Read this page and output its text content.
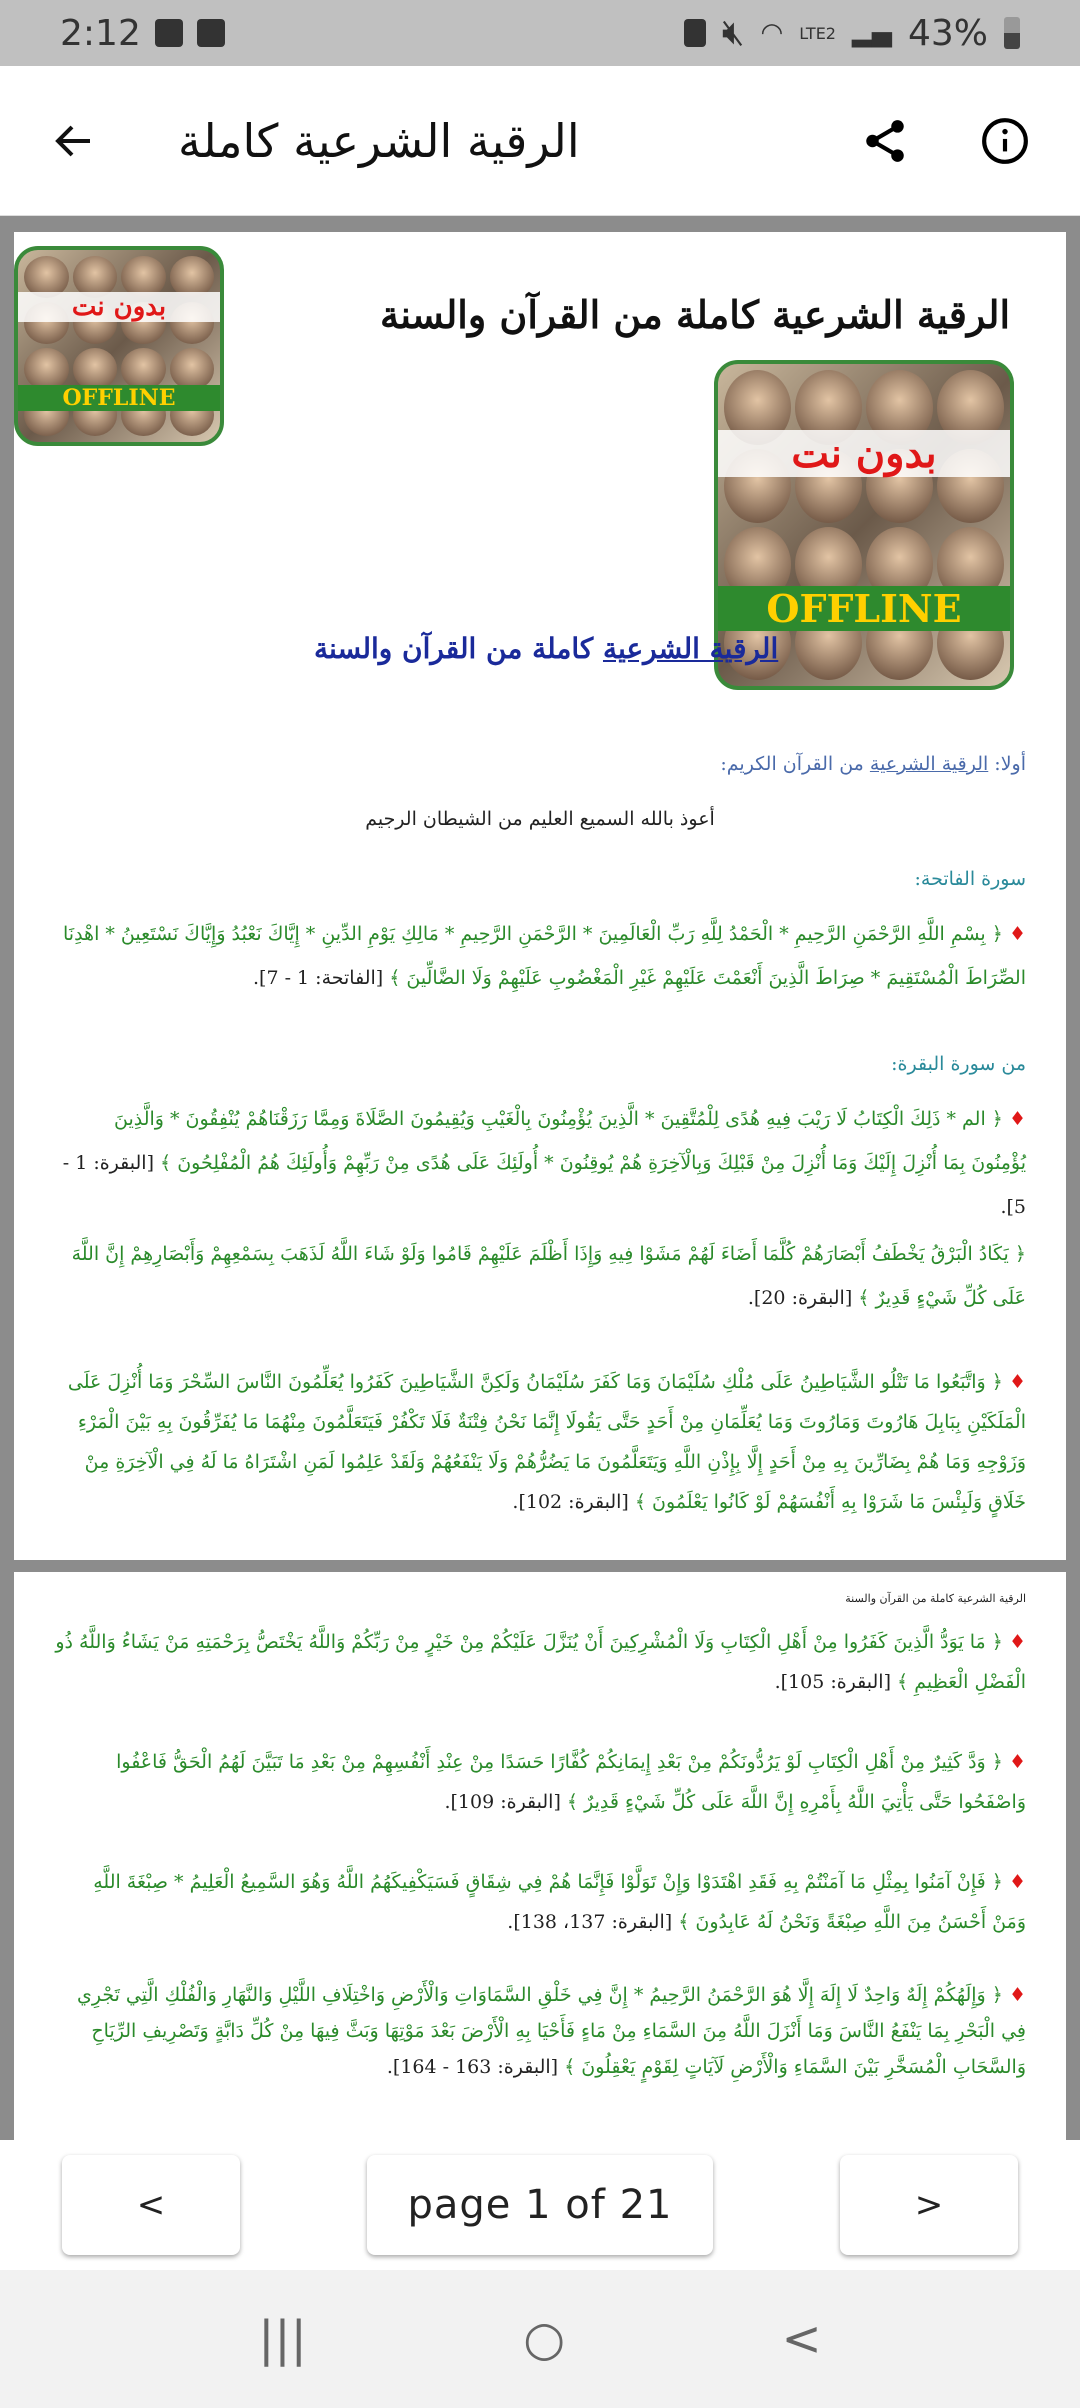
2:12	🔇︎ ◠ LTE2 ▂▄ 43%
الرقية الشرعية كاملة
بدون نت
OFFLINE
الرقية الشرعية كاملة من القرآن والسنة
بدون نت
OFFLINE
الرقية الشرعية كاملة من القرآن والسنة
أولا: الرقية الشرعية من القرآن الكريم:
أعوذ بالله السميع العليم من الشيطان الرجيم
سورة الفاتحة:
♦ ﴿ بِسْمِ اللَّهِ الرَّحْمَنِ الرَّحِيمِ * الْحَمْدُ لِلَّهِ رَبِّ الْعَالَمِينَ * الرَّحْمَنِ الرَّحِيمِ * مَالِكِ يَوْمِ الدِّينِ * إِيَّاكَ نَعْبُدُ وَإِيَّاكَ نَسْتَعِينُ * اهْدِنَا الصِّرَاطَ الْمُسْتَقِيمَ * صِرَاطَ الَّذِينَ أَنْعَمْتَ عَلَيْهِمْ غَيْرِ الْمَغْضُوبِ عَلَيْهِمْ وَلَا الضَّالِّينَ ﴾ [الفاتحة: 1 - 7].
من سورة البقرة:
♦ ﴿ الم * ذَلِكَ الْكِتَابُ لَا رَيْبَ فِيهِ هُدًى لِلْمُتَّقِينَ * الَّذِينَ يُؤْمِنُونَ بِالْغَيْبِ وَيُقِيمُونَ الصَّلَاةَ وَمِمَّا رَزَقْنَاهُمْ يُنْفِقُونَ * وَالَّذِينَ يُؤْمِنُونَ بِمَا أُنْزِلَ إِلَيْكَ وَمَا أُنْزِلَ مِنْ قَبْلِكَ وَبِالْآخِرَةِ هُمْ يُوقِنُونَ * أُولَئِكَ عَلَى هُدًى مِنْ رَبِّهِمْ وَأُولَئِكَ هُمُ الْمُفْلِحُونَ ﴾ [البقرة: 1 - 5].
﴿ يَكَادُ الْبَرْقُ يَخْطَفُ أَبْصَارَهُمْ كُلَّمَا أَضَاءَ لَهُمْ مَشَوْا فِيهِ وَإِذَا أَظْلَمَ عَلَيْهِمْ قَامُوا وَلَوْ شَاءَ اللَّهُ لَذَهَبَ بِسَمْعِهِمْ وَأَبْصَارِهِمْ إِنَّ اللَّهَ عَلَى كُلِّ شَيْءٍ قَدِيرٌ ﴾ [البقرة: 20].
♦ ﴿ وَاتَّبَعُوا مَا تَتْلُو الشَّيَاطِينُ عَلَى مُلْكِ سُلَيْمَانَ وَمَا كَفَرَ سُلَيْمَانُ وَلَكِنَّ الشَّيَاطِينَ كَفَرُوا يُعَلِّمُونَ النَّاسَ السِّحْرَ وَمَا أُنْزِلَ عَلَى الْمَلَكَيْنِ بِبَابِلَ هَارُوتَ وَمَارُوتَ وَمَا يُعَلِّمَانِ مِنْ أَحَدٍ حَتَّى يَقُولَا إِنَّمَا نَحْنُ فِتْنَةٌ فَلَا تَكْفُرْ فَيَتَعَلَّمُونَ مِنْهُمَا مَا يُفَرِّقُونَ بِهِ بَيْنَ الْمَرْءِ وَزَوْجِهِ وَمَا هُمْ بِضَارِّينَ بِهِ مِنْ أَحَدٍ إِلَّا بِإِذْنِ اللَّهِ وَيَتَعَلَّمُونَ مَا يَضُرُّهُمْ وَلَا يَنْفَعُهُمْ وَلَقَدْ عَلِمُوا لَمَنِ اشْتَرَاهُ مَا لَهُ فِي الْآخِرَةِ مِنْ خَلَاقٍ وَلَبِئْسَ مَا شَرَوْا بِهِ أَنْفُسَهُمْ لَوْ كَانُوا يَعْلَمُونَ ﴾ [البقرة: 102].
الرقية الشرعية كاملة من القرآن والسنة
♦ ﴿ مَا يَوَدُّ الَّذِينَ كَفَرُوا مِنْ أَهْلِ الْكِتَابِ وَلَا الْمُشْرِكِينَ أَنْ يُنَزَّلَ عَلَيْكُمْ مِنْ خَيْرٍ مِنْ رَبِّكُمْ وَاللَّهُ يَخْتَصُّ بِرَحْمَتِهِ مَنْ يَشَاءُ وَاللَّهُ ذُو الْفَضْلِ الْعَظِيمِ ﴾ [البقرة: 105].
♦ ﴿ وَدَّ كَثِيرٌ مِنْ أَهْلِ الْكِتَابِ لَوْ يَرُدُّونَكُمْ مِنْ بَعْدِ إِيمَانِكُمْ كُفَّارًا حَسَدًا مِنْ عِنْدِ أَنْفُسِهِمْ مِنْ بَعْدِ مَا تَبَيَّنَ لَهُمُ الْحَقُّ فَاعْفُوا وَاصْفَحُوا حَتَّى يَأْتِيَ اللَّهُ بِأَمْرِهِ إِنَّ اللَّهَ عَلَى كُلِّ شَيْءٍ قَدِيرٌ ﴾ [البقرة: 109].
♦ ﴿ فَإِنْ آمَنُوا بِمِثْلِ مَا آمَنْتُمْ بِهِ فَقَدِ اهْتَدَوْا وَإِنْ تَوَلَّوْا فَإِنَّمَا هُمْ فِي شِقَاقٍ فَسَيَكْفِيكَهُمُ اللَّهُ وَهُوَ السَّمِيعُ الْعَلِيمُ * صِبْغَةَ اللَّهِ وَمَنْ أَحْسَنُ مِنَ اللَّهِ صِبْغَةً وَنَحْنُ لَهُ عَابِدُونَ ﴾ [البقرة: 137، 138].
♦ ﴿ وَإِلَهُكُمْ إِلَهٌ وَاحِدٌ لَا إِلَهَ إِلَّا هُوَ الرَّحْمَنُ الرَّحِيمُ * إِنَّ فِي خَلْقِ السَّمَاوَاتِ وَالْأَرْضِ وَاخْتِلَافِ اللَّيْلِ وَالنَّهَارِ وَالْفُلْكِ الَّتِي تَجْرِي فِي الْبَحْرِ بِمَا يَنْفَعُ النَّاسَ وَمَا أَنْزَلَ اللَّهُ مِنَ السَّمَاءِ مِنْ مَاءٍ فَأَحْيَا بِهِ الْأَرْضَ بَعْدَ مَوْتِهَا وَبَثَّ فِيهَا مِنْ كُلِّ دَابَّةٍ وَتَصْرِيفِ الرِّيَاحِ وَالسَّحَابِ الْمُسَخَّرِ بَيْنَ السَّمَاءِ وَالْأَرْضِ لَآيَاتٍ لِقَوْمٍ يَعْقِلُونَ ﴾ [البقرة: 163 - 164].
<	page 1 of 21	>
|||	○	<
